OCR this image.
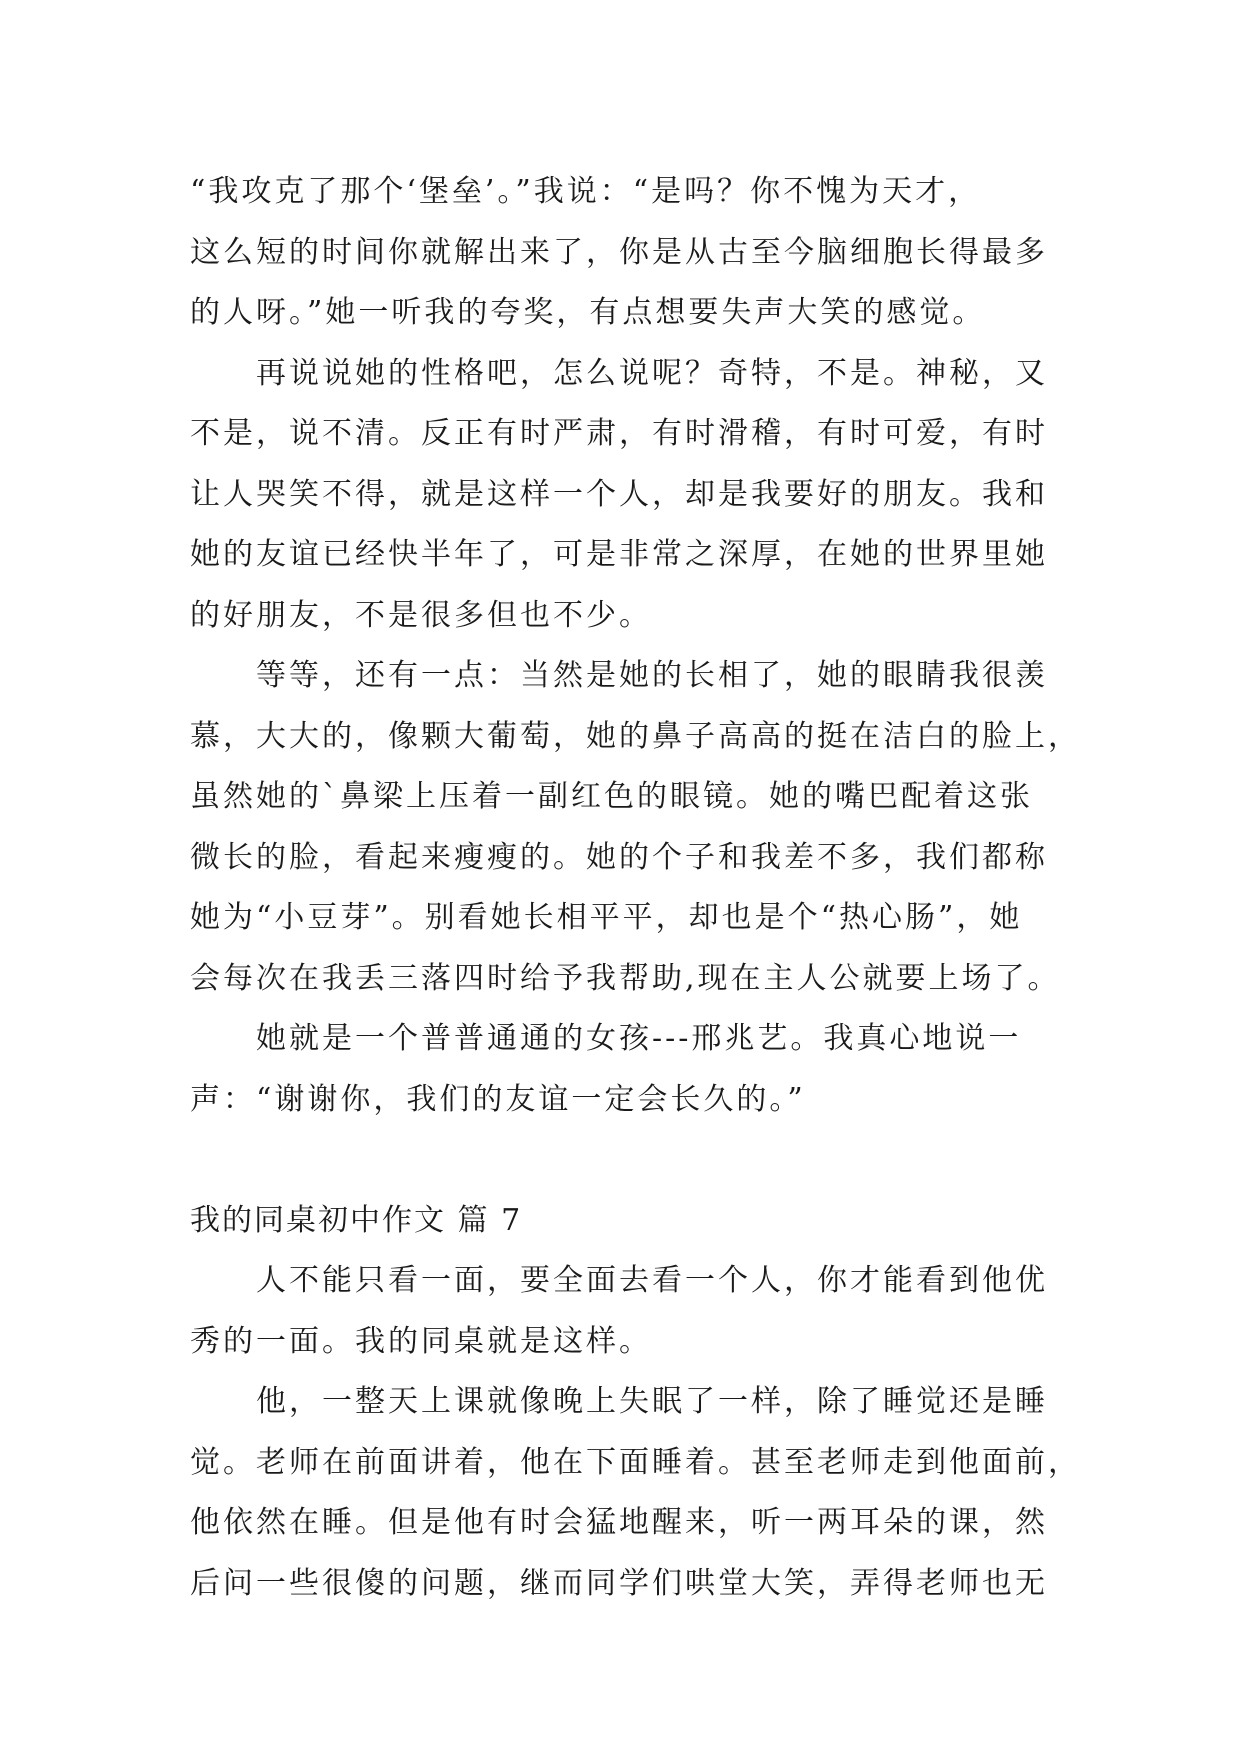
“我攻克了那个‘堡垒’。”我说：“是吗？你不愧为天才，
这么短的时间你就解出来了，你是从古至今脑细胞长得最多
的人呀。”她一听我的夸奖，有点想要失声大笑的感觉。
再说说她的性格吧，怎么说呢？奇特，不是。神秘，又
不是，说不清。反正有时严肃，有时滑稽，有时可爱，有时
让人哭笑不得，就是这样一个人，却是我要好的朋友。我和
她的友谊已经快半年了，可是非常之深厚，在她的世界里她
的好朋友，不是很多但也不少。
等等，还有一点：当然是她的长相了，她的眼睛我很羡
慕，大大的，像颗大葡萄，她的鼻子高高的挺在洁白的脸上，
虽然她的`鼻梁上压着一副红色的眼镜。她的嘴巴配着这张
微长的脸，看起来瘦瘦的。她的个子和我差不多，我们都称
她为“小豆芽”。别看她长相平平，却也是个“热心肠”，她
会每次在我丢三落四时给予我帮助,现在主人公就要上场了。
她就是一个普普通通的女孩---邢兆艺。我真心地说一
声：“谢谢你，我们的友谊一定会长久的。”
我的同桌初中作文 篇 7
人不能只看一面，要全面去看一个人，你才能看到他优
秀的一面。我的同桌就是这样。
他，一整天上课就像晚上失眠了一样，除了睡觉还是睡
觉。老师在前面讲着，他在下面睡着。甚至老师走到他面前，
他依然在睡。但是他有时会猛地醒来，听一两耳朵的课，然
后问一些很傻的问题，继而同学们哄堂大笑，弄得老师也无
